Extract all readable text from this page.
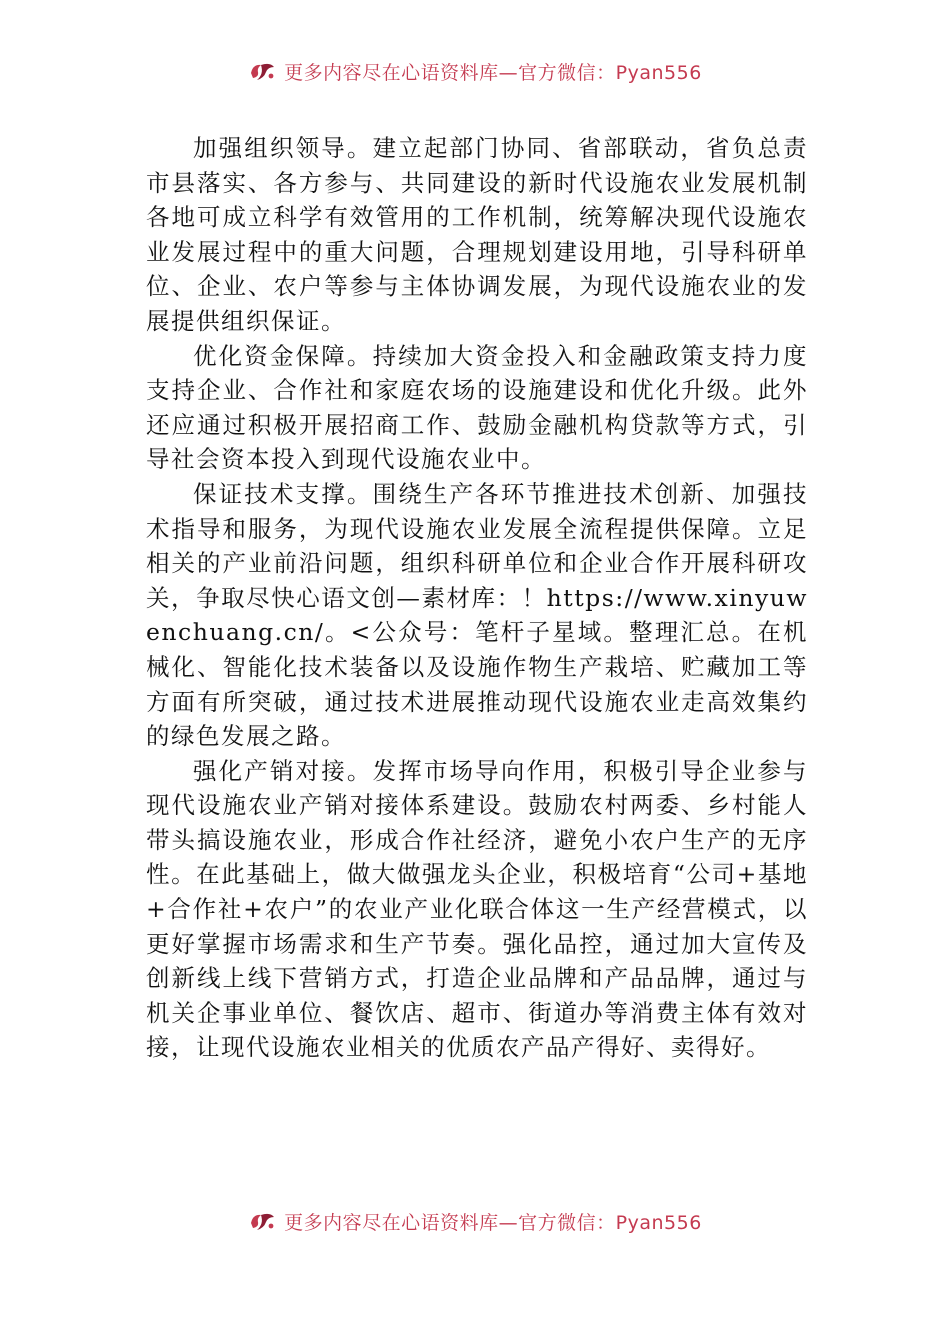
更多内容尽在心语资料库—官方微信：Pyan556

加强组织领导。建立起部门协同、省部联动，省负总责市县落实、各方参与、共同建设的新时代设施农业发展机制各地可成立科学有效管用的工作机制，统筹解决现代设施农业发展过程中的重大问题，合理规划建设用地，引导科研单位、企业、农户等参与主体协调发展，为现代设施农业的发展提供组织保证。

优化资金保障。持续加大资金投入和金融政策支持力度支持企业、合作社和家庭农场的设施建设和优化升级。此外还应通过积极开展招商工作、鼓励金融机构贷款等方式，引导社会资本投入到现代设施农业中。

保证技术支撑。围绕生产各环节推进技术创新、加强技术指导和服务，为现代设施农业发展全流程提供保障。立足相关的产业前沿问题，组织科研单位和企业合作开展科研攻关，争取尽快心语文创—素材库：！https://www.xinyuwenchuang.cn/。<公众号：笔杆子星域。整理汇总。在机械化、智能化技术装备以及设施作物生产栽培、贮藏加工等方面有所突破，通过技术进展推动现代设施农业走高效集约的绿色发展之路。

强化产销对接。发挥市场导向作用，积极引导企业参与现代设施农业产销对接体系建设。鼓励农村两委、乡村能人带头搞设施农业，形成合作社经济，避免小农户生产的无序性。在此基础上，做大做强龙头企业，积极培育“公司+基地+合作社+农户”的农业产业化联合体这一生产经营模式，以更好掌握市场需求和生产节奏。强化品控，通过加大宣传及创新线上线下营销方式，打造企业品牌和产品品牌，通过与机关企事业单位、餐饮店、超市、街道办等消费主体有效对接，让现代设施农业相关的优质农产品产得好、卖得好。

更多内容尽在心语资料库—官方微信：Pyan556
